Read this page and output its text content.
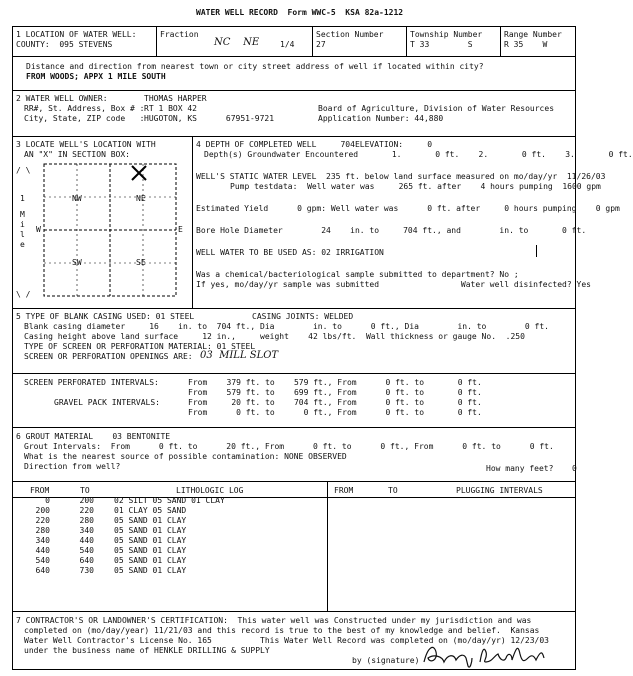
WATER WELL RECORD  Form WWC-5  KSA 82a-1212
1 LOCATION OF WATER WELL:
COUNTY:  095 STEVENS
Fraction
NC    NE	1/4
Section Number
27
Township Number
T 33        S
Range Number
R 35    W
Distance and direction from nearest town or city street address of well if located within city?
FROM WOODS; APPX 1 MILE SOUTH
2 WATER WELL OWNER:	THOMAS HARPER
RR#, St. Address, Box # : RT 1 BOX 42
City, State, ZIP code   : HUGOTON, KS      67951-9721
Board of Agriculture, Division of Water Resources
Application Number: 44,880
3 LOCATE WELL'S LOCATION WITH
AN "X" IN SECTION BOX:
NW	NE
SW	SE
W	E
/ \
1
M
i
l
e
\ /
4 DEPTH OF COMPLETED WELL     704ELEVATION:     0
Depth(s) Groundwater Encountered       1.       0 ft.    2.       0 ft.    3.       0 ft.
WELL'S STATIC WATER LEVEL  235 ft. below land surface measured on mo/day/yr  11/26/03
Pump testdata:  Well water was     265 ft. after    4 hours pumping  1600 gpm
Estimated Yield      0 gpm: Well water was      0 ft. after     0 hours pumping    0 gpm
Bore Hole Diameter        24    in. to     704 ft., and        in. to       0 ft.
WELL WATER TO BE USED AS: 02 IRRIGATION
Was a chemical/bacteriological sample submitted to department? No ;
If yes, mo/day/yr sample was submitted                 Water well disinfected? Yes
5 TYPE OF BLANK CASING USED: 01 STEEL            CASING JOINTS: WELDED
Blank casing diameter     16    in. to  704 ft., Dia        in. to      0 ft., Dia        in. to        0 ft.
Casing height above land surface     12 in.,     weight    42 lbs/ft.  Wall thickness or gauge No.  .250
TYPE OF SCREEN OR PERFORATION MATERIAL: 01 STEEL
SCREEN OR PERFORATION OPENINGS ARE: 03  MILL SLOT
SCREEN PERFORATED INTERVALS:	From    379 ft. to    579 ft., From      0 ft. to       0 ft.
From    579 ft. to    699 ft., From      0 ft. to       0 ft.
GRAVEL PACK INTERVALS:	From     20 ft. to    704 ft., From      0 ft. to       0 ft.
From      0 ft. to      0 ft., From      0 ft. to       0 ft.
6 GROUT MATERIAL    03 BENTONITE
Grout Intervals:  From      0 ft. to      20 ft., From      0 ft. to      0 ft., From      0 ft. to      0 ft.
What is the nearest source of possible contamination: NONE OBSERVED
Direction from well?	How many feet? 0
FROM	TO	LITHOLOGIC LOG	FROM	TO	PLUGGING INTERVALS
0	200	02 SILT 05 SAND 01 CLAY
200	220	01 CLAY 05 SAND
220	280	05 SAND 01 CLAY
280	340	05 SAND 01 CLAY
340	440	05 SAND 01 CLAY
440	540	05 SAND 01 CLAY
540	640	05 SAND 01 CLAY
640	730	05 SAND 01 CLAY
7 CONTRACTOR'S OR LANDOWNER'S CERTIFICATION:  This water well was Constructed under my jurisdiction and was
completed on (mo/day/year) 11/21/03 and this record is true to the best of my knowledge and belief.  Kansas
Water Well Contractor's License No. 165          This Water Well Record was completed on (mo/day/yr) 12/23/03
under the business name of HENKLE DRILLING & SUPPLY
by (signature)
